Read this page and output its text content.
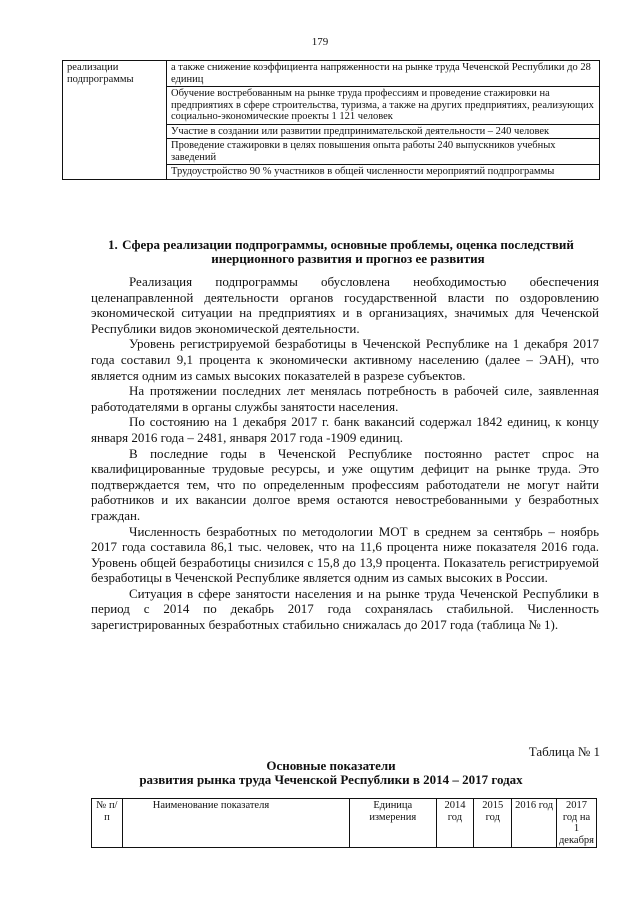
179
реализации подпрограммы	а также снижение коэффициента напряженности на рынке труда Чеченской Республики до 28 единиц
Обучение востребованным на рынке труда профессиям и проведение стажировки на предприятиях в сфере строительства, туризма, а также на других предприятиях, реализующих социально-экономические проекты 1 121 человек
Участие в создании или развитии предпринимательской деятельности – 240 человек
Проведение стажировки в целях повышения опыта работы 240 выпускников учебных заведений
Трудоустройство 90 % участников в общей численности мероприятий подпрограммы
1. Сфера реализации подпрограммы, основные проблемы, оценка последствий инерционного развития и прогноз ее развития

Реализация подпрограммы обусловлена необходимостью обеспечения целенаправленной деятельности органов государственной власти по оздоровлению экономической ситуации на предприятиях и в организациях, значимых для Чеченской Республики видов экономической деятельности.

Уровень регистрируемой безработицы в Чеченской Республике на 1 декабря 2017 года составил 9,1 процента к экономически активному населению (далее – ЭАН), что является одним из самых высоких показателей в разрезе субъектов.

На протяжении последних лет менялась потребность в рабочей силе, заявленная работодателями в органы службы занятости населения.

По состоянию на 1 декабря 2017 г. банк вакансий содержал 1842 единиц, к концу января 2016 года – 2481, января 2017 года -1909 единиц.

В последние годы в Чеченской Республике постоянно растет спрос на квалифицированные трудовые ресурсы, и уже ощутим дефицит на рынке труда. Это подтверждается тем, что по определенным профессиям работодатели не могут найти работников и их вакансии долгое время остаются невостребованными у безработных граждан.

Численность безработных по методологии МОТ в среднем за сентябрь – ноябрь 2017 года составила 86,1 тыс. человек, что на 11,6 процента ниже показателя 2016 года. Уровень общей безработицы снизился с 15,8 до 13,9 процента. Показатель регистрируемой безработицы в Чеченской Республике является одним из самых высоких в России.

Ситуация в сфере занятости населения и на рынке труда Чеченской Республики в период с 2014 по декабрь 2017 года сохранялась стабильной. Численность зарегистрированных безработных стабильно снижалась до 2017 года (таблица № 1).

Таблица № 1
Основные показатели
развития рынка труда Чеченской Республики в 2014 – 2017 годах
№ п/п	Наименование показателя	Единица измерения	2014 год	2015 год	2016 год	2017 год на 1 декабря
